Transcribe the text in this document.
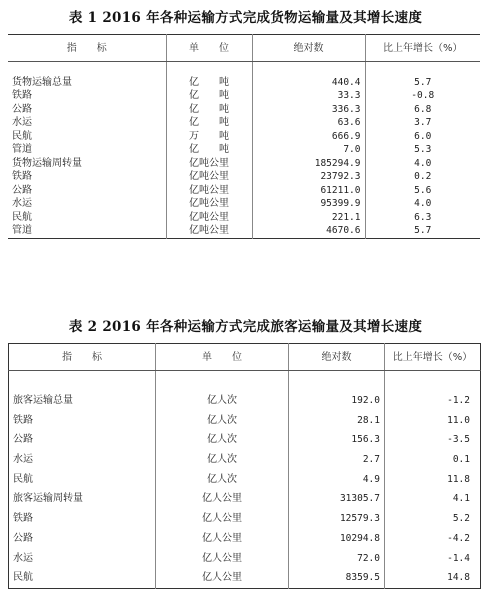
表 1 2016 年各种运输方式完成货物运输量及其增长速度
指　　标	单　　位	绝对数	比上年增长（%）

货物运输总量	亿　　吨	440.4	5.7
铁路	亿　　吨	33.3	-0.8
公路	亿　　吨	336.3	6.8
水运	亿　　吨	63.6	3.7
民航	万　　吨	666.9	6.0
管道	亿　　吨	7.0	5.3
货物运输周转量	亿吨公里	185294.9	4.0
铁路	亿吨公里	23792.3	0.2
公路	亿吨公里	61211.0	5.6
水运	亿吨公里	95399.9	4.0
民航	亿吨公里	221.1	6.3
管道	亿吨公里	4670.6	5.7
表 2 2016 年各种运输方式完成旅客运输量及其增长速度
指　　标	单　　位	绝对数	比上年增长（%）

旅客运输总量	亿人次	192.0	-1.2
铁路	亿人次	28.1	11.0
公路	亿人次	156.3	-3.5
水运	亿人次	2.7	0.1
民航	亿人次	4.9	11.8
旅客运输周转量	亿人公里	31305.7	4.1
铁路	亿人公里	12579.3	5.2
公路	亿人公里	10294.8	-4.2
水运	亿人公里	72.0	-1.4
民航	亿人公里	8359.5	14.8
